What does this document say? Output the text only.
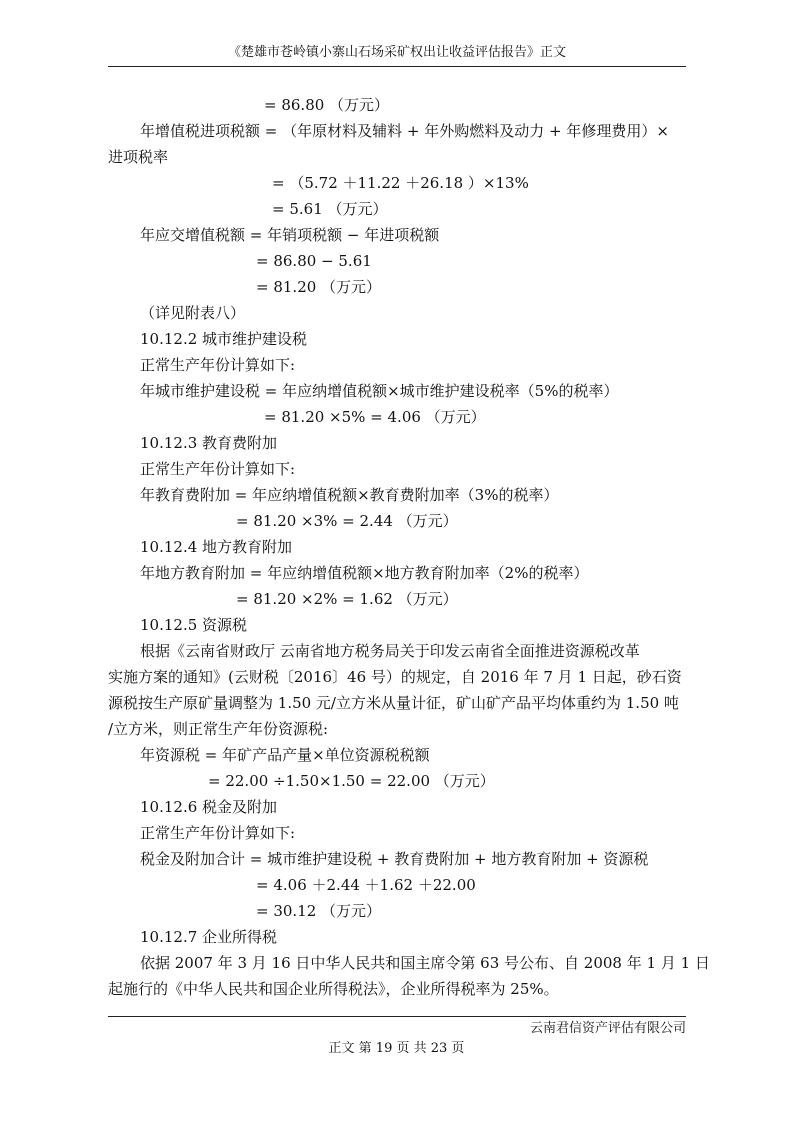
《楚雄市苍岭镇小寨山石场采矿权出让收益评估报告》正文
= 86.80 （万元）
年增值税进项税额 = （年原材料及辅料 + 年外购燃料及动力 + 年修理费用）×
进项税率
= （5.72 ＋11.22 ＋26.18 ）×13%
= 5.61 （万元）
年应交增值税额 = 年销项税额 − 年进项税额
= 86.80 − 5.61
= 81.20 （万元）
（详见附表八）
10.12.2 城市维护建设税
正常生产年份计算如下:
年城市维护建设税 = 年应纳增值税额×城市维护建设税率（5%的税率）
= 81.20 ×5% = 4.06 （万元）
10.12.3 教育费附加
正常生产年份计算如下:
年教育费附加 = 年应纳增值税额×教育费附加率（3%的税率）
= 81.20 ×3% = 2.44 （万元）
10.12.4 地方教育附加
年地方教育附加 = 年应纳增值税额×地方教育附加率（2%的税率）
= 81.20 ×2% = 1.62 （万元）
10.12.5 资源税
根据《云南省财政厅 云南省地方税务局关于印发云南省全面推进资源税改革
实施方案的通知》(云财税〔2016〕46 号）的规定，自 2016 年 7 月 1 日起，砂石资
源税按生产原矿量调整为 1.50 元/立方米从量计征，矿山矿产品平均体重约为 1.50 吨
/立方米，则正常生产年份资源税:
年资源税 = 年矿产品产量×单位资源税税额
= 22.00 ÷1.50×1.50 = 22.00 （万元）
10.12.6 税金及附加
正常生产年份计算如下:
税金及附加合计 = 城市维护建设税 + 教育费附加 + 地方教育附加 + 资源税
= 4.06 ＋2.44 ＋1.62 ＋22.00
= 30.12 （万元）
10.12.7 企业所得税
依据 2007 年 3 月 16 日中华人民共和国主席令第 63 号公布、自 2008 年 1 月 1 日
起施行的《中华人民共和国企业所得税法》，企业所得税率为 25%。
云南君信资产评估有限公司
正文 第 19 页 共 23 页
